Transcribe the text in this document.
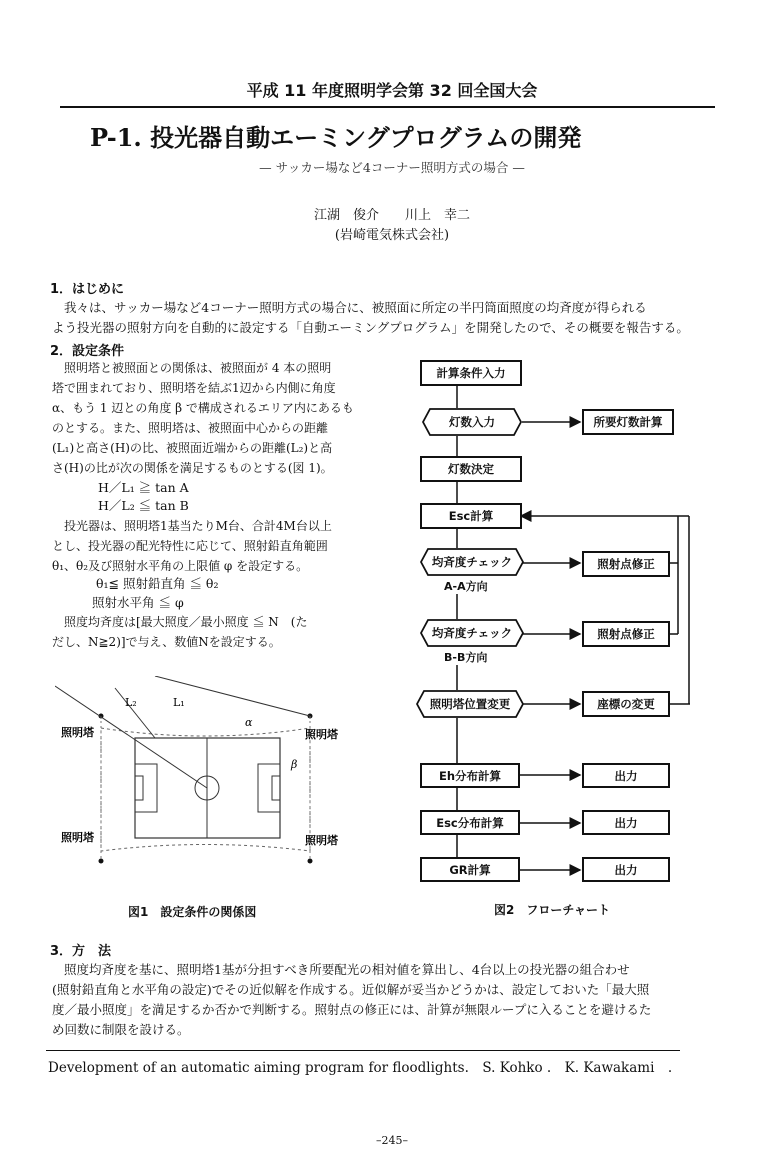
平成 11 年度照明学会第 32 回全国大会
P-1. 投光器自動エーミングプログラムの開発
— サッカー場など4コーナー照明方式の場合 —
江湖　俊介　　川上　幸二
(岩崎電気株式会社)
1．はじめに
我々は、サッカー場など4コーナー照明方式の場合に、被照面に所定の半円筒面照度の均斉度が得られる
よう投光器の照射方向を自動的に設定する「自動エーミングプログラム」を開発したので、その概要を報告する。
2．設定条件
照明塔と被照面との関係は、被照面が 4 本の照明
塔で囲まれており、照明塔を結ぶ1辺から内側に角度
α、もう 1 辺との角度 β で構成されるエリア内にあるも
のとする。また、照明塔は、被照面中心からの距離
(L₁)と高さ(H)の比、被照面近端からの距離(L₂)と高
さ(H)の比が次の関係を満足するものとする(図 1)。
H／L₁ ≧ tan A
H／L₂ ≦ tan B
投光器は、照明塔1基当たりM台、合計4M台以上
とし、投光器の配光特性に応じて、照射鉛直角範囲
θ₁、θ₂及び照射水平角の上限値 φ を設定する。
θ₁≦ 照射鉛直角 ≦ θ₂
照射水平角 ≦ φ
照度均斉度は[最大照度／最小照度 ≦ N　(た
だし、N≧2)]で与え、数値Nを設定する。
L₂	L₁
α
β
照明塔	照明塔
照明塔	照明塔
図1　設定条件の関係図
計算条件入力
灯数入力	所要灯数計算
灯数決定
Esc計算
均斉度チェック
A-A方向
照射点修正
均斉度チェック
B-B方向
照射点修正
照明塔位置変更	座標の変更
Eh分布計算	出力
Esc分布計算	出力
GR計算	出力
図2　フローチャート
3．方　法
照度均斉度を基に、照明塔1基が分担すべき所要配光の相対値を算出し、4台以上の投光器の組合わせ
(照射鉛直角と水平角の設定)でその近似解を作成する。近似解が妥当かどうかは、設定しておいた「最大照
度／最小照度」を満足するか否かで判断する。照射点の修正には、計算が無限ループに入ることを避けるた
め回数に制限を設ける。
Development of an automatic aiming program for floodlights.　S. Kohko .　K. Kawakami　.
–245–
